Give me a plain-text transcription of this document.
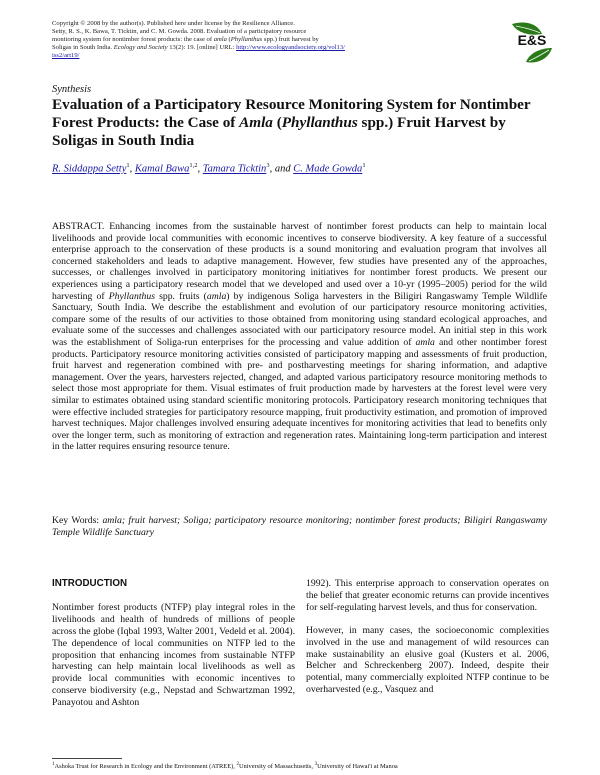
Copyright © 2008 by the author(s). Published here under license by the Resilience Alliance.
Setty, R. S., K. Bawa, T. Ticktin, and C. M. Gowda. 2008. Evaluation of a participatory resource
monitoring system for nontimber forest products: the case of amla (Phyllanthus spp.) fruit harvest by
Soligas in South India. Ecology and Society 13(2): 19. [online] URL: http://www.ecologyandsociety.org/vol13/
iss2/art19/
E&S
Synthesis
Evaluation of a Participatory Resource Monitoring System for Nontimber Forest Products: the Case of Amla (Phyllanthus spp.) Fruit Harvest by Soligas in South India
R. Siddappa Setty$^1$, Kamal Bawa$^{1,2}$, Tamara Ticktin$^3$, and C. Made Gowda$^1$
ABSTRACT. Enhancing incomes from the sustainable harvest of nontimber forest products can help to maintain local livelihoods and provide local communities with economic incentives to conserve biodiversity. A key feature of a successful enterprise approach to the conservation of these products is a sound monitoring and evaluation program that involves all concerned stakeholders and leads to adaptive management. However, few studies have presented any of the approaches, successes, or challenges involved in participatory monitoring initiatives for nontimber forest products. We present our experiences using a participatory research model that we developed and used over a 10-yr (1995–2005) period for the wild harvesting of Phyllanthus spp. fruits (amla) by indigenous Soliga harvesters in the Biligiri Rangaswamy Temple Wildlife Sanctuary, South India. We describe the establishment and evolution of our participatory resource monitoring activities, compare some of the results of our activities to those obtained from monitoring using standard ecological approaches, and evaluate some of the successes and challenges associated with our participatory resource model. An initial step in this work was the establishment of Soliga-run enterprises for the processing and value addition of amla and other nontimber forest products. Participatory resource monitoring activities consisted of participatory mapping and assessments of fruit production, fruit harvest and regeneration combined with pre- and postharvesting meetings for sharing information, and adaptive management. Over the years, harvesters rejected, changed, and adapted various participatory resource monitoring methods to select those most appropriate for them. Visual estimates of fruit production made by harvesters at the forest level were very similar to estimates obtained using standard scientific monitoring protocols. Participatory research monitoring techniques that were effective included strategies for participatory resource mapping, fruit productivity estimation, and promotion of improved harvest techniques. Major challenges involved ensuring adequate incentives for monitoring activities that lead to benefits only over the longer term, such as monitoring of extraction and regeneration rates. Maintaining long-term participation and interest in the latter requires ensuring resource tenure.
Key Words: amla; fruit harvest; Soliga; participatory resource monitoring; nontimber forest products; Biligiri Rangaswamy Temple Wildlife Sanctuary
INTRODUCTION

Nontimber forest products (NTFP) play integral roles in the livelihoods and health of hundreds of millions of people across the globe (Iqbal 1993, Walter 2001, Vedeld et al. 2004). The dependence of local communities on NTFP led to the proposition that enhancing incomes from sustainable NTFP harvesting can help maintain local livelihoods as well as provide local communities with economic incentives to conserve biodiversity (e.g., Nepstad and Schwartzman 1992, Panayotou and Ashton

1992). This enterprise approach to conservation operates on the belief that greater economic returns can provide incentives for self-regulating harvest levels, and thus for conservation.

However, in many cases, the socioeconomic complexities involved in the use and management of wild resources can make sustainability an elusive goal (Kusters et al. 2006, Belcher and Schreckenberg 2007). Indeed, despite their potential, many commercially exploited NTFP continue to be overharvested (e.g., Vasquez and

$^1$Ashoka Trust for Research in Ecology and the Environment (ATREE), $^2$University of Massachusetts, $^3$University of Hawai'i at Manoa
